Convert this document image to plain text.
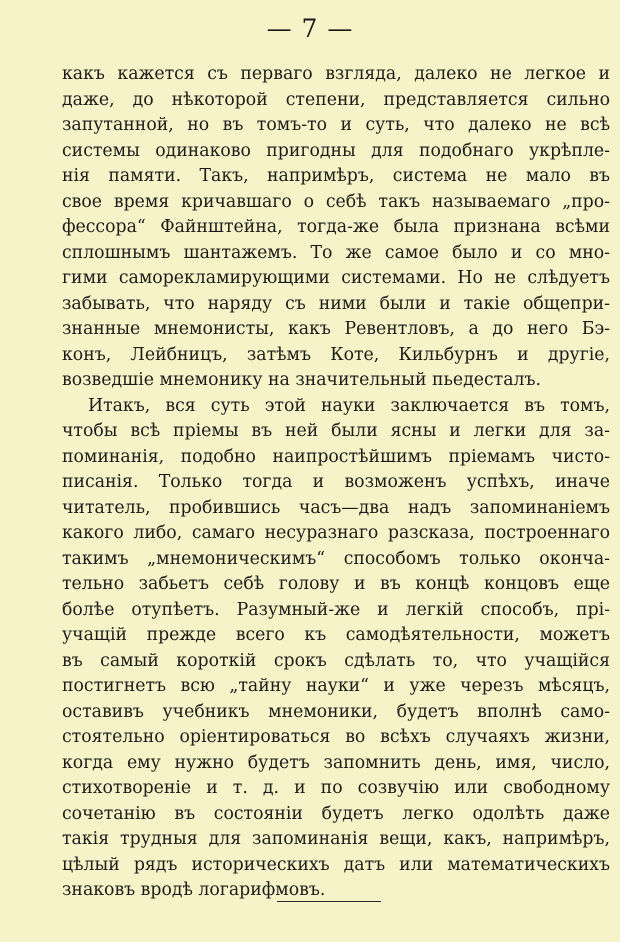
— 7 —
какъ кажется съ перваго взгляда, далеко не легкое и
даже, до нѣкоторой степени, представляется сильно
запутанной, но въ томъ-то и суть, что далеко не всѣ
системы одинаково пригодны для подобнаго укрѣпле-
нія памяти. Такъ, напримѣръ, система не мало въ
свое время кричавшаго о себѣ такъ называемаго „про-
фессора“ Файнштейна, тогда-же была признана всѣми
сплошнымъ шантажемъ. То же самое было и со мно-
гими саморекламирующими системами. Но не слѣдуетъ
забывать, что наряду съ ними были и такіе общепри-
знанные мнемонисты, какъ Ревентловъ, а до него Бэ-
конъ, Лейбницъ, затѣмъ Коте, Кильбурнъ и другіе,
возведшіе мнемонику на значительный пьедесталъ.
Итакъ, вся суть этой науки заключается въ томъ,
чтобы всѣ пріемы въ ней были ясны и легки для за-
поминанія, подобно наипростѣйшимъ пріемамъ чисто-
писанія. Только тогда и возможенъ успѣхъ, иначе
читатель, пробившись часъ—два надъ запоминаніемъ
какого либо, самаго несуразнаго разсказа, построеннаго
такимъ „мнемоническимъ“ способомъ только оконча-
тельно забьетъ себѣ голову и въ концѣ концовъ еще
болѣе отупѣетъ. Разумный-же и легкій способъ, прі-
учащій прежде всего къ самодѣятельности, можетъ
въ самый короткій срокъ сдѣлать то, что учащійся
постигнетъ всю „тайну науки“ и уже черезъ мѣсяцъ,
оставивъ учебникъ мнемоники, будетъ вполнѣ само-
стоятельно оріентироваться во всѣхъ случаяхъ жизни,
когда ему нужно будетъ запомнить день, имя, число,
стихотвореніе и т. д. и по созвучію или свободному
сочетанію въ состояніи будетъ легко одолѣть даже
такія трудныя для запоминанія вещи, какъ, напримѣръ,
цѣлый рядъ историческихъ датъ или математическихъ
знаковъ вродѣ логарифмовъ.
